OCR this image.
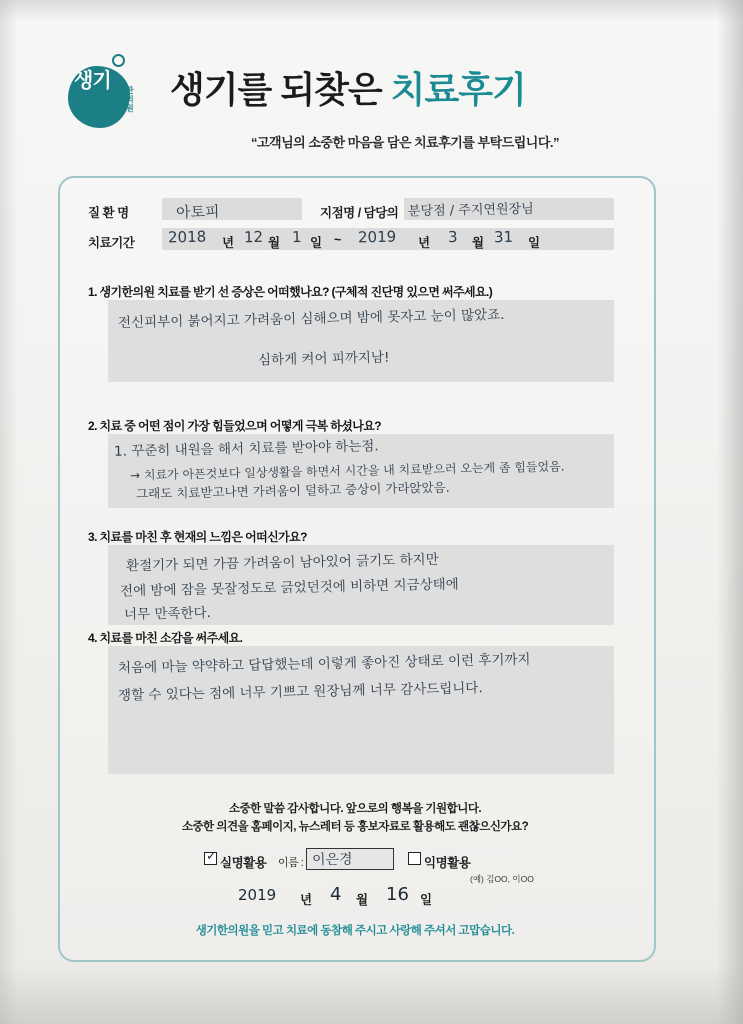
생기	한의원 생기를 되찾은 치료후기
“고객님의 소중한 마음을 담은 치료후기를 부탁드립니다.”
질 환 명	아토피	지점명 / 담당의 분당점 / 주지연원장님
치료기간 2018 년 12 월 1 일 ~ 2019 년 3 월 31 일
1. 생기한의원 치료를 받기 선 증상은 어떠했나요? (구체적 진단명 있으면 써주세요.)
전신피부이 붉어지고 가려움이 심해으며 밤에 못자고 눈이 많았죠.
심하게 켜어 피까지남!
2. 치료 중 어떤 점이 가장 힘들었으며 어떻게 극복 하셨나요?
1. 꾸준히 내원을 해서 치료를 받아야 하는점.
→ 치료가 아픈것보다 일상생활을 하면서 시간을 내 치료받으러 오는게 좀 힘들었음.
그래도 치료받고나면 가려움이 덜하고 증상이 가라앉았음.
3. 치료를 마친 후 현재의 느낌은 어떠신가요?
환절기가 되면 가끔 가려움이 남아있어 긁기도 하지만
전에 밤에 잠을 못잘정도로 긁었던것에 비하면 지금상태에
너무 만족한다.
4. 치료를 마친 소감을 써주세요.
처음에 마늘 약약하고 답답했는데 이렇게 좋아진 상태로 이런 후기까지
쟁할 수 있다는 점에 너무 기쁘고 원장님께 너무 감사드립니다.
소중한 말씀 감사합니다. 앞으로의 행복을 기원합니다.
소중한 의견을 홈페이지, 뉴스레터 등 홍보자료로 활용해도 괜찮으신가요?
✓ 실명활용 이름 : 이은경	익명활용
(예) 김OO, 이OO
2019 년 4 월 16 일
생기한의원을 믿고 치료에 동참해 주시고 사랑해 주셔서 고맙습니다.
